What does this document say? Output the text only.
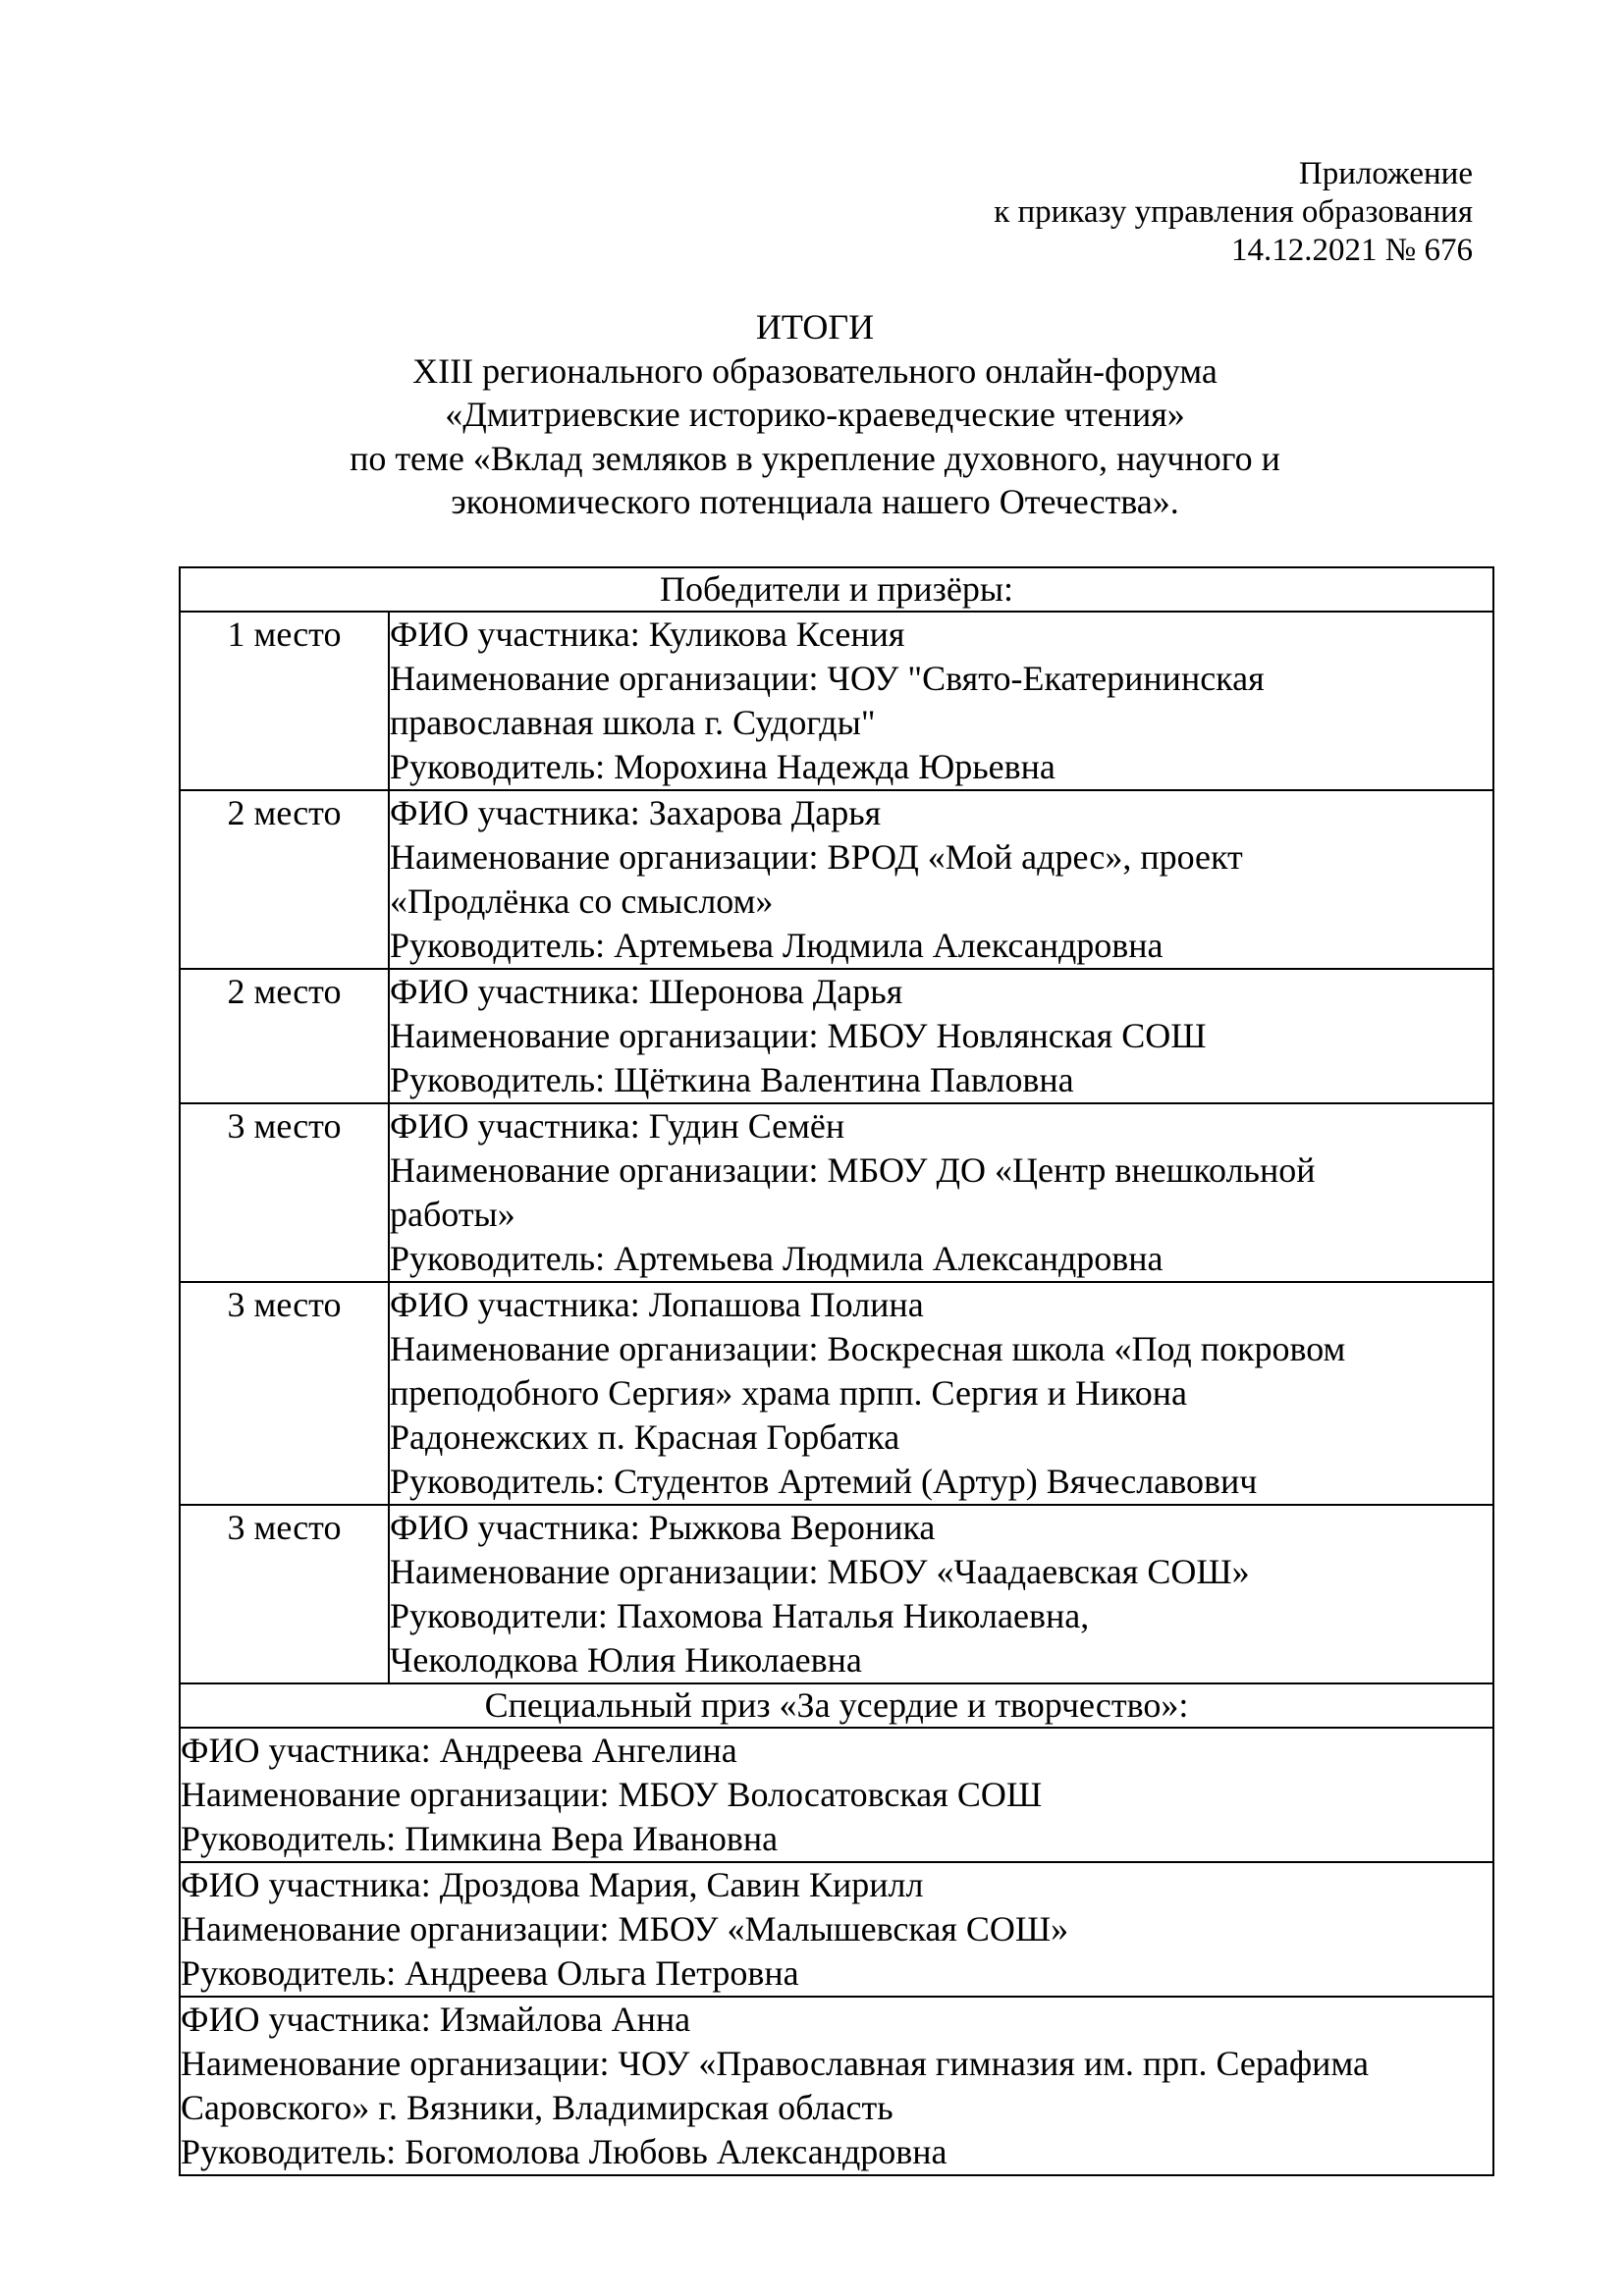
Приложение
к приказу управления образования
14.12.2021 № 676
ИТОГИ
XIII регионального образовательного онлайн-форума
«Дмитриевские историко-краеведческие чтения»
по теме «Вклад земляков в укрепление духовного, научного и
экономического потенциала нашего Отечества».
Победители и призёры:	
1 место	ФИО участника: Куликова Ксения
Наименование организации: ЧОУ "Свято-Екатерининская
православная школа г. Судогды"
Руководитель: Морохина Надежда Юрьевна

2 место	ФИО участника: Захарова Дарья
Наименование организации: ВРОД «Мой адрес», проект
«Продлёнка со смыслом»
Руководитель: Артемьева Людмила Александровна

2 место	ФИО участника: Шеронова Дарья
Наименование организации: МБОУ Новлянская СОШ
Руководитель: Щёткина Валентина Павловна

3 место	ФИО участника: Гудин Семён
Наименование организации: МБОУ ДО «Центр внешкольной
работы»
Руководитель: Артемьева Людмила Александровна

3 место	ФИО участника: Лопашова Полина
Наименование организации: Воскресная школа «Под покровом
преподобного Сергия» храма прпп. Сергия и Никона
Радонежских п. Красная Горбатка
Руководитель: Студентов Артемий (Артур) Вячеславович

3 место	ФИО участника: Рыжкова Вероника
Наименование организации: МБОУ «Чаадаевская СОШ»
Руководители: Пахомова Наталья Николаевна,
Чеколодкова Юлия Николаевна

Специальный приз «За усердие и творчество»:	

ФИО участника: Андреева Ангелина
Наименование организации: МБОУ Волосатовская СОШ
Руководитель: Пимкина Вера Ивановна	

ФИО участника: Дроздова Мария, Савин Кирилл
Наименование организации: МБОУ «Малышевская СОШ»
Руководитель: Андреева Ольга Петровна	

ФИО участника: Измайлова Анна
Наименование организации: ЧОУ «Православная гимназия им. прп. Серафима
Саровского» г. Вязники, Владимирская область
Руководитель: Богомолова Любовь Александровна	
